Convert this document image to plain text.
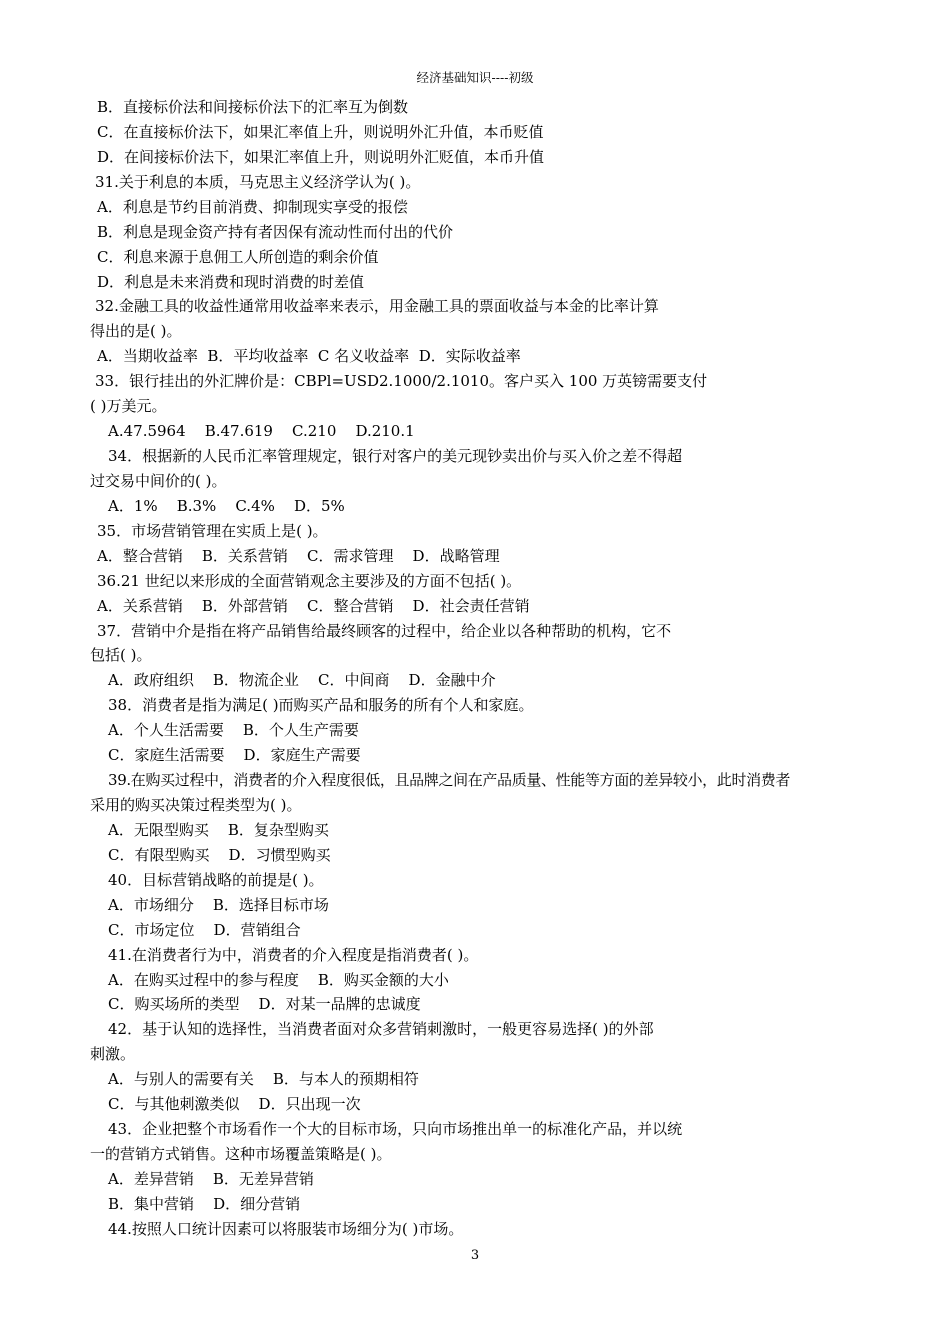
经济基础知识----初级
B．直接标价法和间接标价法下的汇率互为倒数
C．在直接标价法下，如果汇率值上升，则说明外汇升值，本币贬值
D．在间接标价法下，如果汇率值上升，则说明外汇贬值，本币升值
31.关于利息的本质，马克思主义经济学认为( )。
A．利息是节约目前消费、抑制现实享受的报偿
B．利息是现金资产持有者因保有流动性而付出的代价
C．利息来源于息佣工人所创造的剩余价值
D．利息是未来消费和现时消费的时差值
32.金融工具的收益性通常用收益率来表示，用金融工具的票面收益与本金的比率计算
得出的是( )。
A．当期收益率  B．平均收益率  C 名义收益率  D．实际收益率
33．银行挂出的外汇牌价是：CBPl=USD2.1000/2.1010。客户买入 100 万英镑需要支付
( )万美元。
A.47.5964    B.47.619    C.210    D.210.1
34．根据新的人民币汇率管理规定，银行对客户的美元现钞卖出价与买入价之差不得超
过交易中间价的( )。
A．1%    B.3%    C.4%    D．5%
35．市场营销管理在实质上是( )。
A．整合营销    B．关系营销    C．需求管理    D．战略管理
36.21 世纪以来形成的全面营销观念主要涉及的方面不包括( )。
A．关系营销    B．外部营销    C．整合营销    D．社会责任营销
37．营销中介是指在将产品销售给最终顾客的过程中，给企业以各种帮助的机构，它不
包括( )。
A．政府组织    B．物流企业    C．中间商    D．金融中介
38．消费者是指为满足( )而购买产品和服务的所有个人和家庭。
A．个人生活需要    B．个人生产需要
C．家庭生活需要    D．家庭生产需要
39.在购买过程中，消费者的介入程度很低，且品牌之间在产品质量、性能等方面的差异较小，此时消费者
采用的购买决策过程类型为( )。
A．无限型购买    B．复杂型购买
C．有限型购买    D．习惯型购买
40．目标营销战略的前提是( )。
A．市场细分    B．选择目标市场
C．市场定位    D．营销组合
41.在消费者行为中，消费者的介入程度是指消费者( )。
A．在购买过程中的参与程度    B．购买金额的大小
C．购买场所的类型    D．对某一品牌的忠诚度
42．基于认知的选择性，当消费者面对众多营销刺激时，一般更容易选择( )的外部
刺激。
A．与别人的需要有关    B．与本人的预期相符
C．与其他刺激类似    D．只出现一次
43．企业把整个市场看作一个大的目标市场，只向市场推出单一的标准化产品，并以统
一的营销方式销售。这种市场覆盖策略是( )。
A．差异营销    B．无差异营销
B．集中营销    D．细分营销
44.按照人口统计因素可以将服装市场细分为( )市场。
3
